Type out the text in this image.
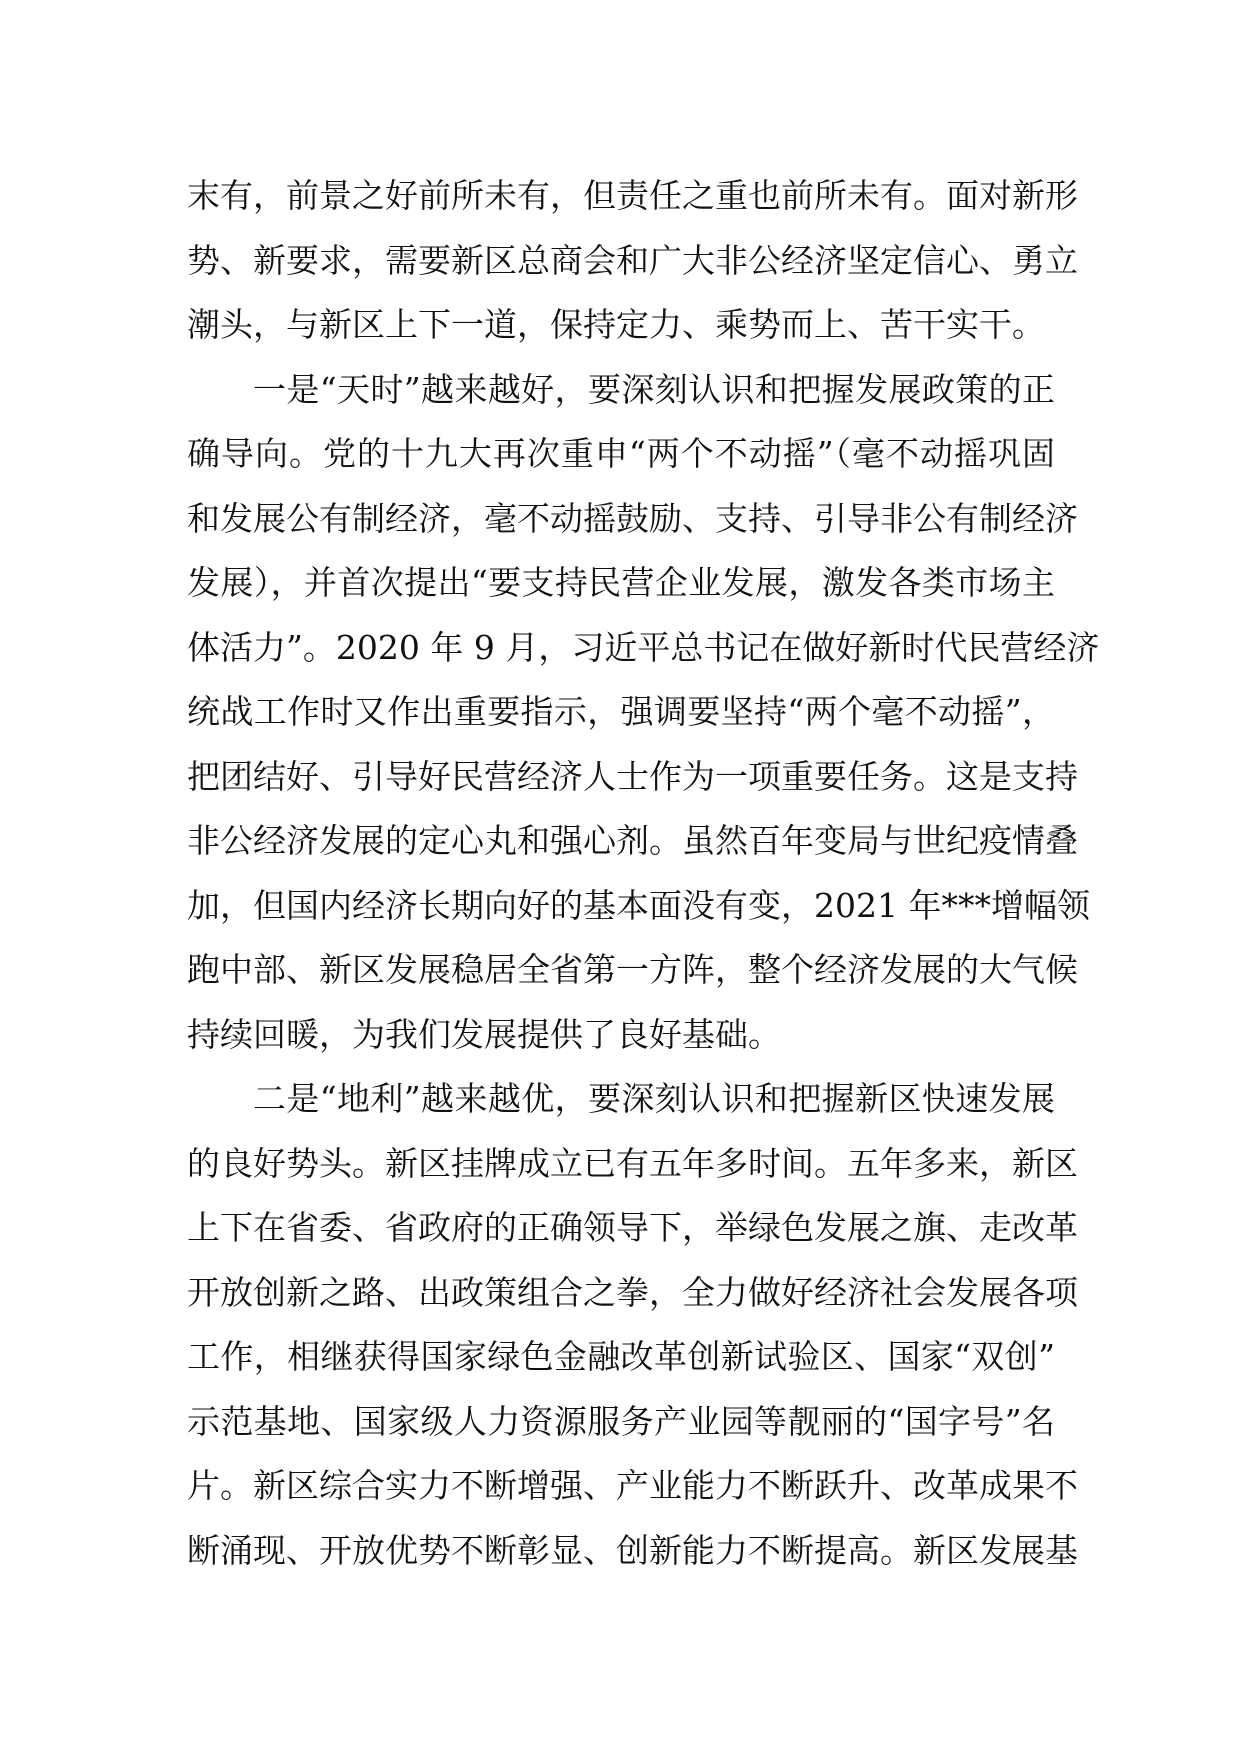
末有，前景之好前所未有，但责任之重也前所未有。面对新形
势、新要求，需要新区总商会和广大非公经济坚定信心、勇立
潮头，与新区上下一道，保持定力、乘势而上、苦干实干。
一是“天时”越来越好，要深刻认识和把握发展政策的正
确导向。党的十九大再次重申“两个不动摇”（毫不动摇巩固
和发展公有制经济，毫不动摇鼓励、支持、引导非公有制经济
发展），并首次提出“要支持民营企业发展，激发各类市场主
体活力”。2020 年 9 月，习近平总书记在做好新时代民营经济
统战工作时又作出重要指示，强调要坚持“两个毫不动摇”，
把团结好、引导好民营经济人士作为一项重要任务。这是支持
非公经济发展的定心丸和强心剂。虽然百年变局与世纪疫情叠
加，但国内经济长期向好的基本面没有变，2021 年***增幅领
跑中部、新区发展稳居全省第一方阵，整个经济发展的大气候
持续回暖，为我们发展提供了良好基础。
二是“地利”越来越优，要深刻认识和把握新区快速发展
的良好势头。新区挂牌成立已有五年多时间。五年多来，新区
上下在省委、省政府的正确领导下，举绿色发展之旗、走改革
开放创新之路、出政策组合之拳，全力做好经济社会发展各项
工作，相继获得国家绿色金融改革创新试验区、国家“双创”
示范基地、国家级人力资源服务产业园等靓丽的“国字号”名
片。新区综合实力不断增强、产业能力不断跃升、改革成果不
断涌现、开放优势不断彰显、创新能力不断提高。新区发展基
